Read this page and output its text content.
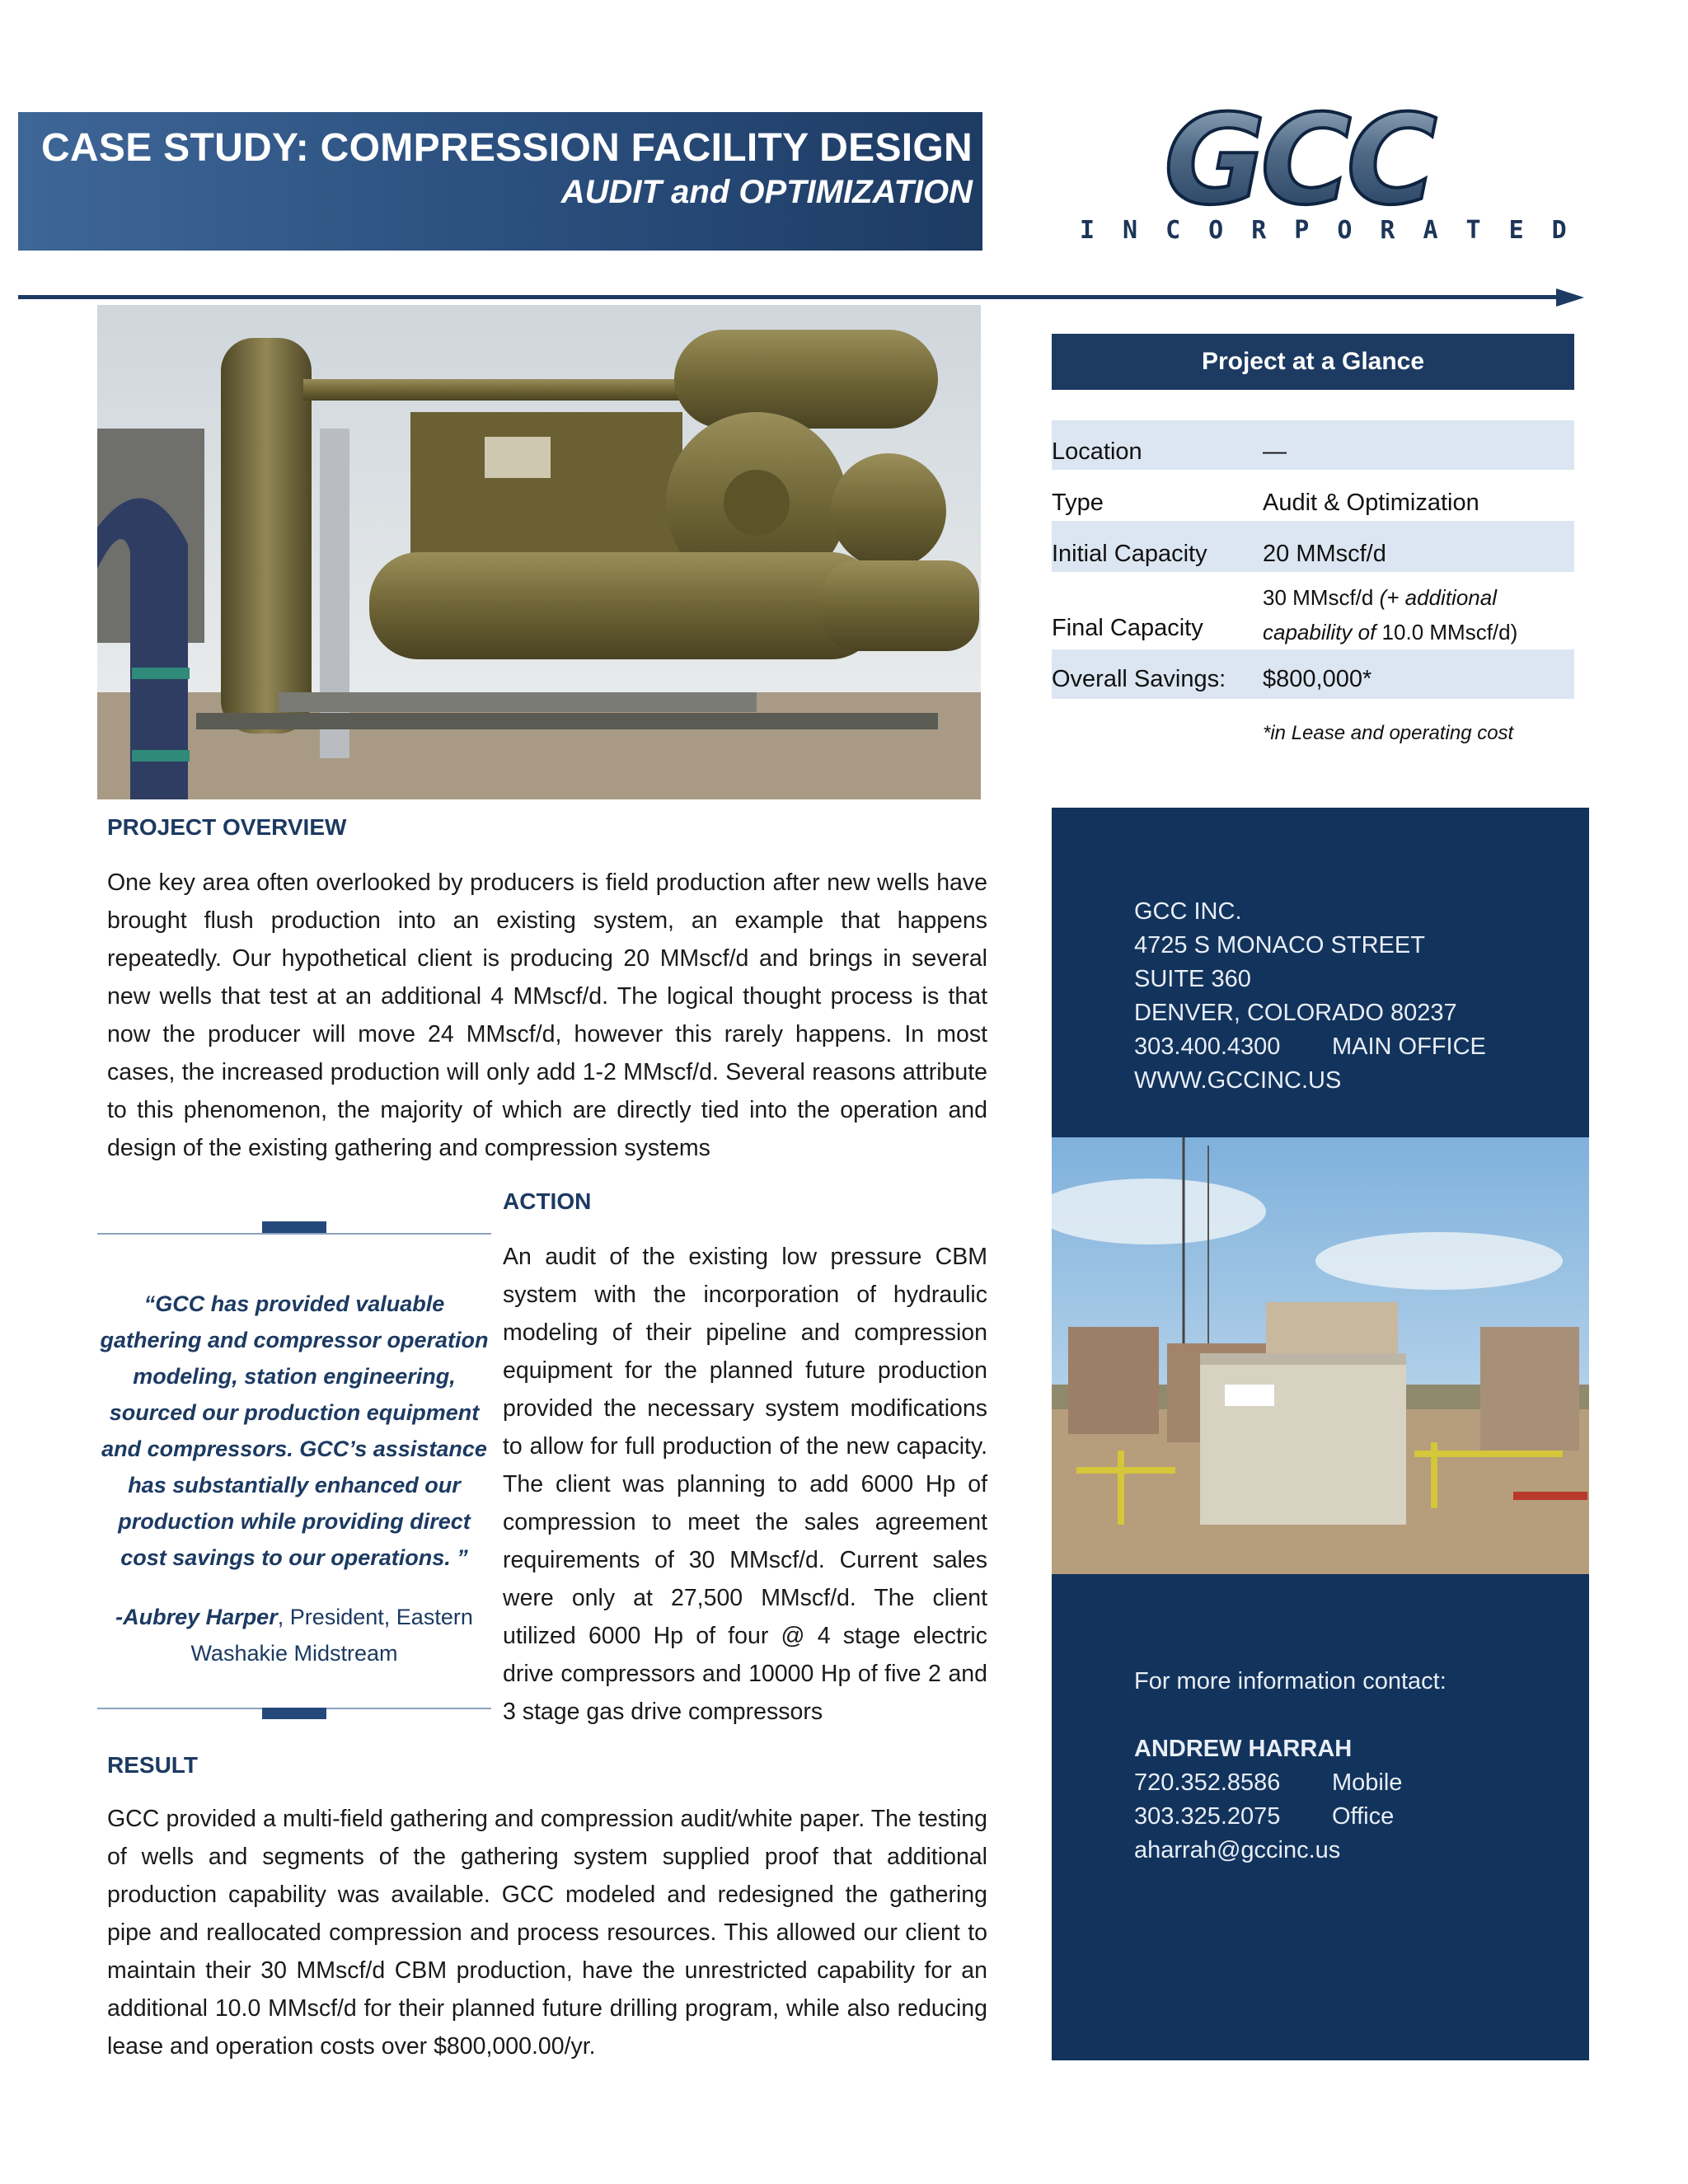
CASE STUDY: COMPRESSION FACILITY DESIGN
AUDIT and OPTIMIZATION GCC
INCORPORATED
Project at a Glance
Location	—
Type	Audit & Optimization
Initial Capacity 20 MMscf/d
Final Capacity
30 MMscf/d (+ additional
capability of 10.0 MMscf/d)
Overall Savings: $800,000*
*in Lease and operating cost
GCC INC.
4725 S MONACO STREET
SUITE 360
DENVER, COLORADO 80237
303.400.4300 MAIN OFFICE
WWW.GCCINC.US
For more information contact:
ANDREW HARRAH
720.352.8586 Mobile
303.325.2075 Office
aharrah@gccinc.us
PROJECT OVERVIEW
One key area often overlooked by producers is field production after new wells have brought flush production into an existing system, an example that happens repeatedly. Our hypothetical client is producing 20 MMscf/d and brings in several new wells that test at an additional 4 MMscf/d. The logical thought process is that now the producer will move 24 MMscf/d, however this rarely happens. In most cases, the increased production will only add 1-2 MMscf/d. Several reasons attribute to this phenomenon, the majority of which are directly tied into the operation and design of the existing gathering and compression systems
“GCC has provided valuable gathering and compressor operation modeling, station engineering, sourced our production equipment and compressors. GCC’s assistance has substantially enhanced our production while providing direct cost savings to our operations. ”
-Aubrey Harper, President, Eastern Washakie Midstream
ACTION
An audit of the existing low pressure CBM system with the incorporation of hydraulic modeling of their pipeline and compression equipment for the planned future production provided the necessary system modifications to allow for full production of the new capacity. The client was planning to add 6000 Hp of compression to meet the sales agreement requirements of 30 MMscf/d. Current sales were only at 27,500 MMscf/d. The client utilized 6000 Hp of four @ 4 stage electric drive compressors and 10000 Hp of five 2 and 3 stage gas drive compressors
RESULT
GCC provided a multi-field gathering and compression audit/white paper. The testing of wells and segments of the gathering system supplied proof that additional production capability was available. GCC modeled and redesigned the gathering pipe and reallocated compression and process resources. This allowed our client to maintain their 30 MMscf/d CBM production, have the unrestricted capability for an additional 10.0 MMscf/d for their planned future drilling program, while also reducing lease and operation costs over $800,000.00/yr.
